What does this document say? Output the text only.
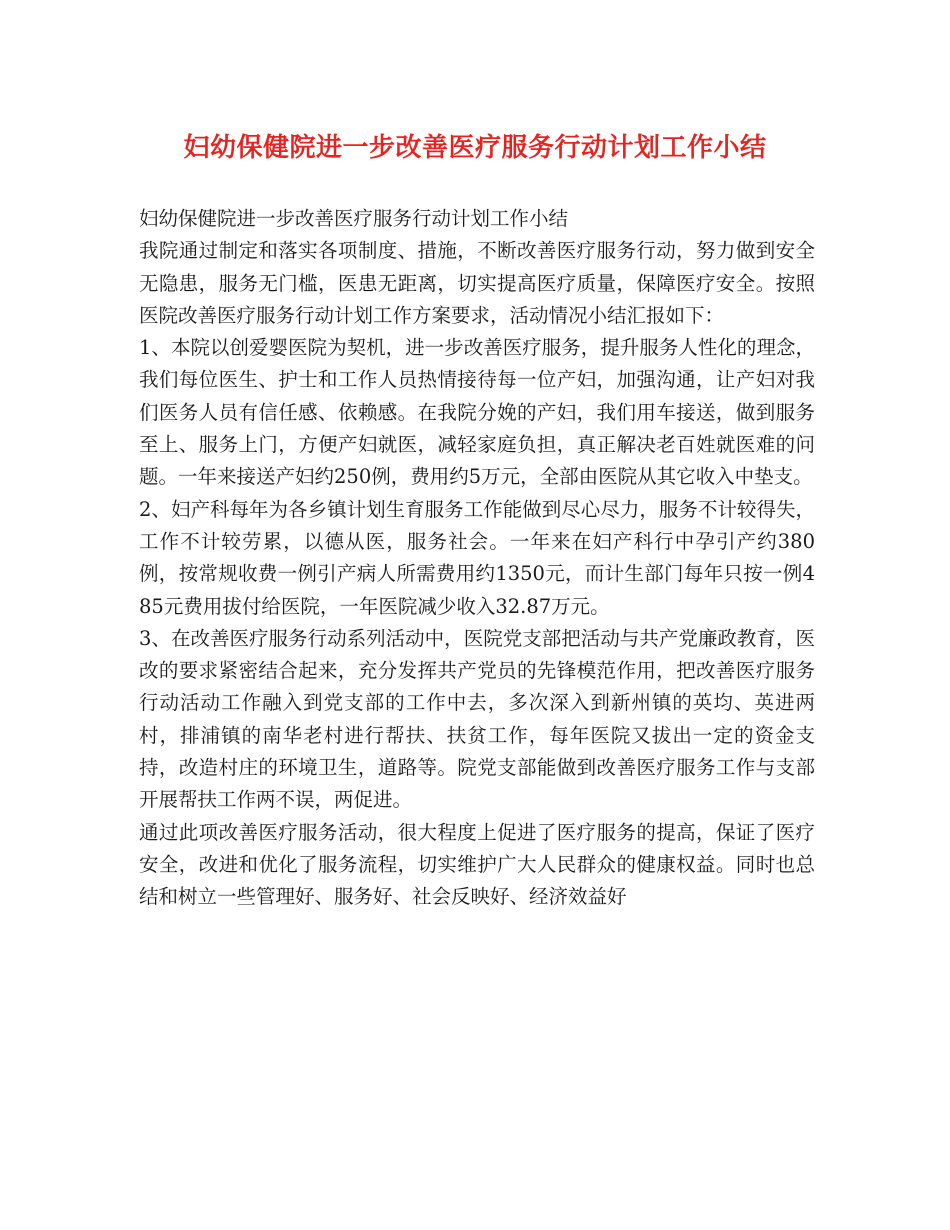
妇幼保健院进一步改善医疗服务行动计划工作小结

妇幼保健院进一步改善医疗服务行动计划工作小结

我院通过制定和落实各项制度、措施，不断改善医疗服务行动，努力做到安全无隐患，服务无门槛，医患无距离，切实提高医疗质量，保障医疗安全。按照医院改善医疗服务行动计划工作方案要求，活动情况小结汇报如下：

1、本院以创爱婴医院为契机，进一步改善医疗服务，提升服务人性化的理念，我们每位医生、护士和工作人员热情接待每一位产妇，加强沟通，让产妇对我们医务人员有信任感、依赖感。在我院分娩的产妇，我们用车接送，做到服务至上、服务上门，方便产妇就医，减轻家庭负担，真正解决老百姓就医难的问题。一年来接送产妇约250例，费用约5万元，全部由医院从其它收入中垫支。

2、妇产科每年为各乡镇计划生育服务工作能做到尽心尽力，服务不计较得失，工作不计较劳累，以德从医，服务社会。一年来在妇产科行中孕引产约380例，按常规收费一例引产病人所需费用约1350元，而计生部门每年只按一例485元费用拔付给医院，一年医院减少收入32.87万元。

3、在改善医疗服务行动系列活动中，医院党支部把活动与共产党廉政教育，医改的要求紧密结合起来，充分发挥共产党员的先锋模范作用，把改善医疗服务行动活动工作融入到党支部的工作中去，多次深入到新州镇的英均、英进两村，排浦镇的南华老村进行帮扶、扶贫工作，每年医院又拔出一定的资金支持，改造村庄的环境卫生，道路等。院党支部能做到改善医疗服务工作与支部开展帮扶工作两不误，两促进。

通过此项改善医疗服务活动，很大程度上促进了医疗服务的提高，保证了医疗安全，改进和优化了服务流程，切实维护广大人民群众的健康权益。同时也总结和树立一些管理好、服务好、社会反映好、经济效益好
